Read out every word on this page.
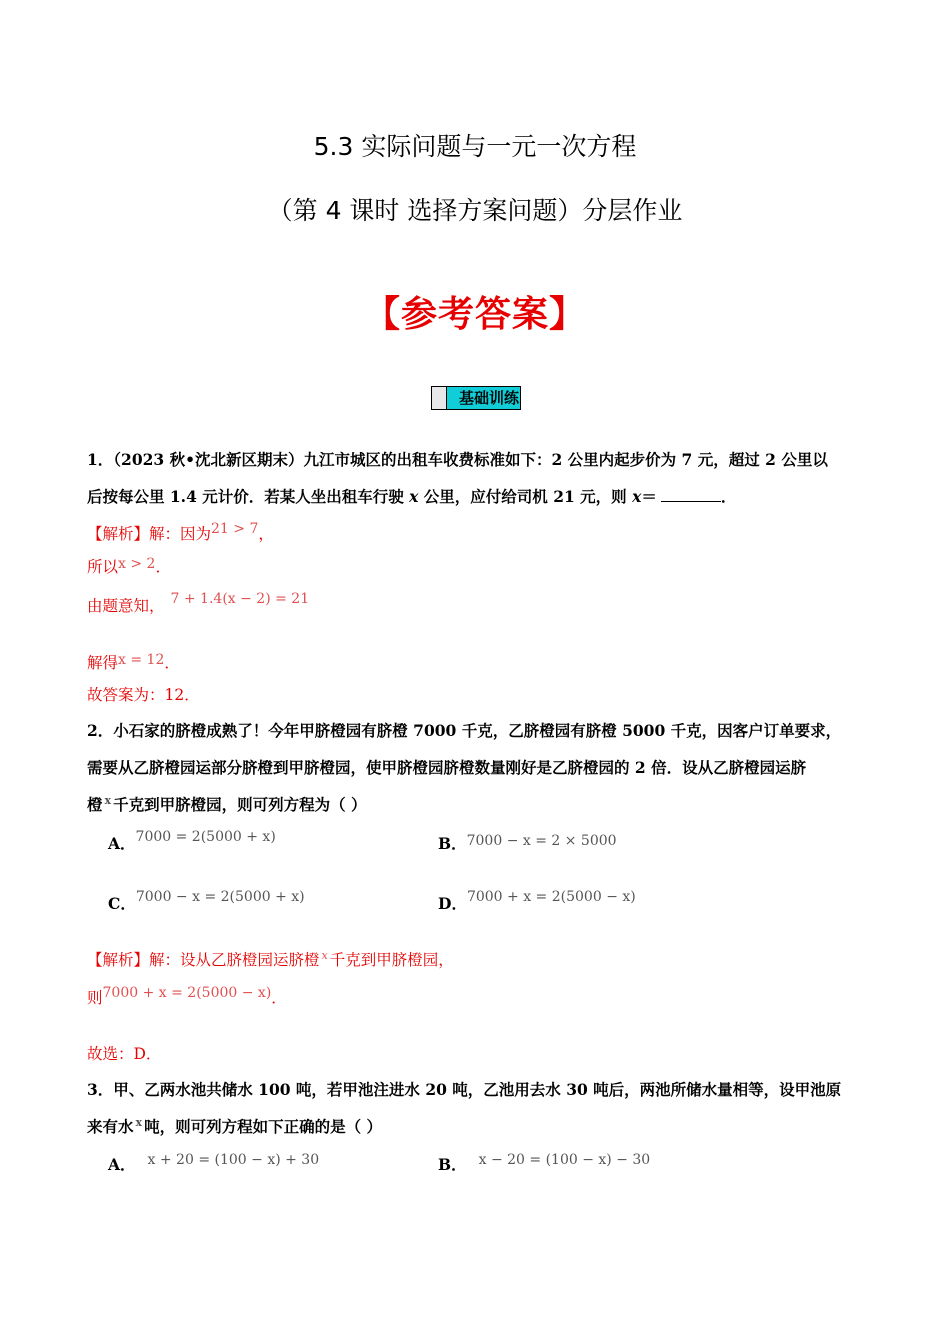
5.3 实际问题与一元一次方程
（第 4 课时 选择方案问题）分层作业
【参考答案】
基础训练
1．（2023 秋•沈北新区期末）九江市城区的出租车收费标准如下：2 公里内起步价为 7 元，超过 2 公里以
后按每公里 1.4 元计价．若某人坐出租车行驶 x 公里，应付给司机 21 元，则 x＝	．
【解析】解：因为21 > 7，
所以x > 2．
由题意知， 7 + 1.4(x − 2) = 21
解得x = 12．
故答案为：12．
2．小石家的脐橙成熟了！今年甲脐橙园有脐橙 7000 千克，乙脐橙园有脐橙 5000 千克，因客户订单要求，
需要从乙脐橙园运部分脐橙到甲脐橙园，使甲脐橙园脐橙数量刚好是乙脐橙园的 2 倍．设从乙脐橙园运脐
橙 $^x$ 千克到甲脐橙园，则可列方程为（ ）
A．7000 = 2(5000 + x)	B．7000 − x = 2 × 5000
C．7000 − x = 2(5000 + x)	D．7000 + x = 2(5000 − x)
【解析】解：设从乙脐橙园运脐橙 $^x$ 千克到甲脐橙园，
则7000 + x = 2(5000 − x)．
故选：D．
3．甲、乙两水池共储水 100 吨，若甲池注进水 20 吨，乙池用去水 30 吨后，两池所储水量相等，设甲池原
来有水 $^x$ 吨，则可列方程如下正确的是（ ）
A． x + 20 = (100 − x) + 30	B． x − 20 = (100 − x) − 30
